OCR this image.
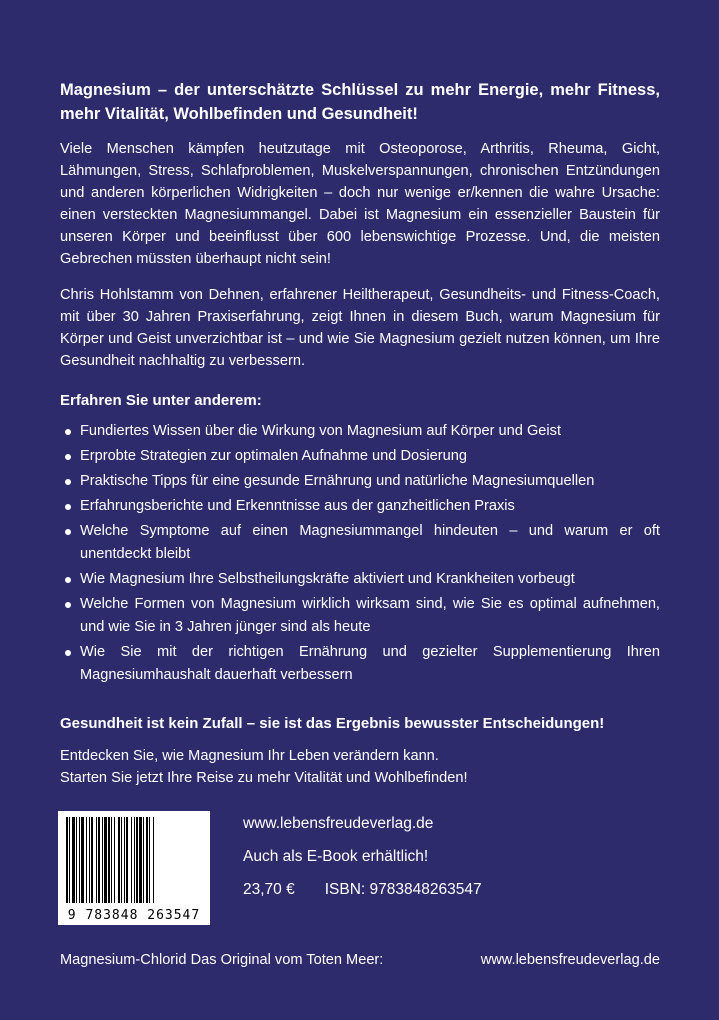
Magnesium – der unterschätzte Schlüssel zu mehr Energie, mehr Fitness, mehr Vitalität, Wohlbefinden und Gesundheit!

Viele Menschen kämpfen heutzutage mit Osteoporose, Arthritis, Rheuma, Gicht, Lähmungen, Stress, Schlafproblemen, Muskelverspannungen, chronischen Entzündungen und anderen körperlichen Widrigkeiten – doch nur wenige er/kennen die wahre Ursache: einen versteckten Magnesiummangel. Dabei ist Magnesium ein essenzieller Baustein für unseren Körper und beeinflusst über 600 lebenswichtige Prozesse. Und, die meisten Gebrechen müssten überhaupt nicht sein!

Chris Hohlstamm von Dehnen, erfahrener Heiltherapeut, Gesundheits- und Fitness-Coach, mit über 30 Jahren Praxiserfahrung, zeigt Ihnen in diesem Buch, warum Magnesium für Körper und Geist unverzichtbar ist – und wie Sie Magnesium gezielt nutzen können, um Ihre Gesundheit nachhaltig zu verbessern.

Erfahren Sie unter anderem:

Fundiertes Wissen über die Wirkung von Magnesium auf Körper und Geist
Erprobte Strategien zur optimalen Aufnahme und Dosierung
Praktische Tipps für eine gesunde Ernährung und natürliche Magnesiumquellen
Erfahrungsberichte und Erkenntnisse aus der ganzheitlichen Praxis
Welche Symptome auf einen Magnesiummangel hindeuten – und warum er oft unentdeckt bleibt
Wie Magnesium Ihre Selbstheilungskräfte aktiviert und Krankheiten vorbeugt
Welche Formen von Magnesium wirklich wirksam sind, wie Sie es optimal aufnehmen, und wie Sie in 3 Jahren jünger sind als heute
Wie Sie mit der richtigen Ernährung und gezielter Supplementierung Ihren Magnesiumhaushalt dauerhaft verbessern

Gesundheit ist kein Zufall – sie ist das Ergebnis bewusster Entscheidungen!

Entdecken Sie, wie Magnesium Ihr Leben verändern kann.

Starten Sie jetzt Ihre Reise zu mehr Vitalität und Wohlbefinden!

9 783848 263547
www.lebensfreudeverlag.de
Auch als E-Book erhältlich!
23,70 € ISBN: 9783848263547
Magnesium-Chlorid Das Original vom Toten Meer:	www.lebensfreudeverlag.de
